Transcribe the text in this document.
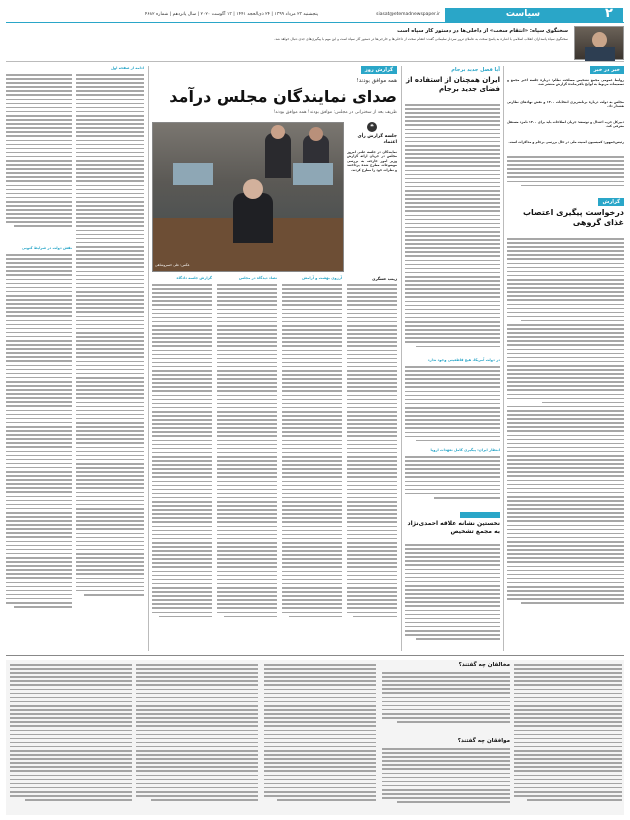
۲
سیاست
siasat@etemadnewspaper.ir
پنجشنبه ۲۳ مرداد ۱۳۹۹ | ۲۴ ذی‌الحجه ۱۴۴۱ | ۱۳ آگوست ۲۰۲۰ | سال پانزدهم | شماره ۴۶۸۲
سخنگوی سپاه: «انتقام سخت» از داخلی‌ها در دستور کار سپاه است
سخنگوی سپاه پاسداران انقلاب اسلامی با اشاره به پاسخ سخت به عاملان ترور سردار سلیمانی گفت: انتقام سخت از داخلی‌ها و خارجی‌ها در دستور کار سپاه است و این مهم با پیگیری‌های جدی دنبال خواهد شد.
خبر در خبر
روابط عمومی مجمع تشخیص مصلحت نظام: درباره جلسه اخیر مجمع و تصمیمات مربوط به لوایح باقی‌مانده گزارش منتشر شد.
مجلس به دولت درباره برنامه‌ریزی انتخابات ۱۴۰۰ و نقش نهادهای نظارتی هشدار داد.
دبیرکل حزب اعتدال و توسعه: جریان اصلاحات باید برای ۱۴۰۰ نامزد مستقل معرفی کند.
رئیس‌جمهور: کمیسیون امنیت ملی در حال بررسی برجام و مذاکرات است.
گزارش
درخواست پیگیری اعتصاب غذای گروهی
آیا فصل جدید برجام
ایران همچنان از استفاده از فضای جدید برجام
در دولت آمریکا، هیچ قاطعیتی وجود ندارد
انتظار ایران: پیگیری کامل تعهدات اروپا
نخستین نشانه علاقه احمدی‌نژاد به مجمع تشخیص
گزارش روز
همه موافق بودند!
صدای نمایندگان مجلس درآمد
ظریف بعد از سخنرانی در مجلس: موافق بودند! همه موافق بودند!
❝
جلسه گزارش رأی اعتماد
نمایندگان در جلسه علنی امروز مجلس در جریان ارائه گزارش وزیر امور خارجه، به بررسی موضوعات مطرح شده پرداختند و نظرات خود را مطرح کردند.
عکس: علی خسروشاهی
زینب عسگری
آرزوی بهشت و آرامش
تضاد دیدگاه در مجلس
گزارش جلسه دادگاه
ادامه از صفحه اول
نقش دولت در شرایط کنونی
مخالفان چه گفتند؟
موافقان چه گفتند؟
